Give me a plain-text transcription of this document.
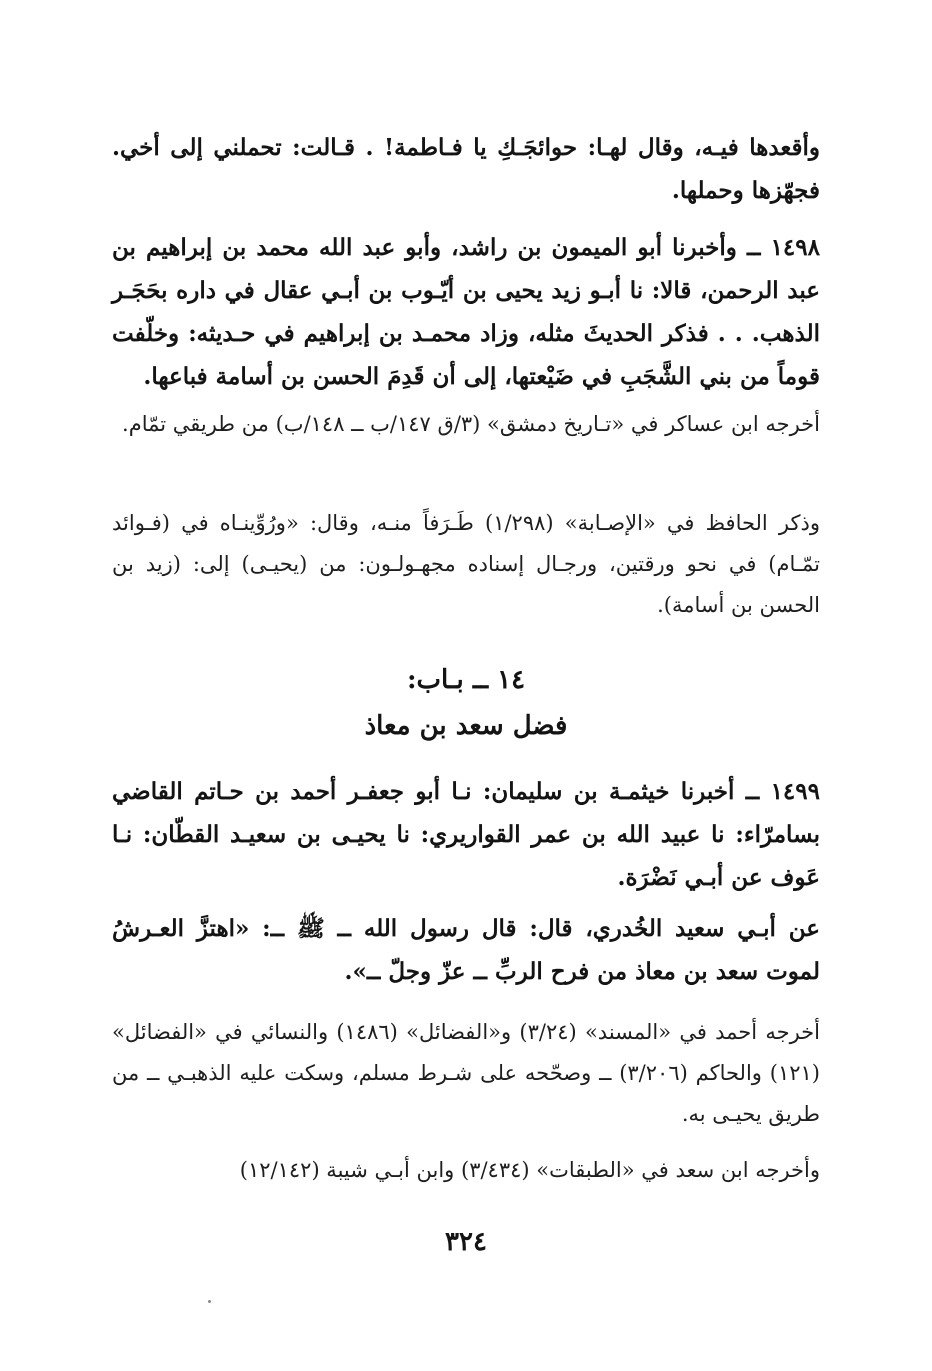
وأقعدها فيـه، وقال لهـا: حوائجَـكِ يا فـاطمة! . قـالت: تحملني إلى أخي. فجهّزها وحملها.

١٤٩٨ ــ وأخبرنا أبو الميمون بن راشد، وأبو عبد الله محمد بن إبراهيم بن عبد الرحمن، قالا: نا أبـو زيد يحيى بن أيّـوب بن أبـي عقال في داره بحَجَـر الذهب. . . فذكر الحديثَ مثله، وزاد محمـد بن إبراهيم في حـديثه: وخلّفت قوماً من بني الشَّجَبِ في ضَيْعتها، إلى أن قَدِمَ الحسن بن أسامة فباعها.

أخرجه ابن عساكر في «تـاريخ دمشق» (٣/ق ١٤٧/ب ــ ١٤٨/ب) من طريقي تمّام.

وذكر الحافظ في «الإصـابة» (١/٢٩٨) طَـرَفاً منـه، وقال: «ورُوِّينـاه في (فـوائد تمّـام) في نحو ورقتين، ورجـال إسناده مجهـولـون: من (يحيـى) إلى: (زيد بن الحسن بن أسامة).

١٤ ــ بـاب:

فضل سعد بن معاذ

١٤٩٩ ــ أخبرنا خيثمـة بن سليمان: نـا أبو جعفـر أحمد بن حـاتم القاضي بسامرّاء: نا عبيد الله بن عمر القواريري: نا يحيـى بن سعيـد القطّان: نـا عَوف عن أبـي نَضْرَة.

عن أبـي سعيد الخُدري، قال: قال رسول الله ــ ﷺ ــ: «اهتزَّ العـرشُ لموت سعد بن معاذ من فرح الربِّ ــ عزّ وجلّ ــ».

أخرجه أحمد في «المسند» (٣/٢٤) و«الفضائل» (١٤٨٦) والنسائي في «الفضائل» (١٢١) والحاكم (٣/٢٠٦) ــ وصحّحه على شـرط مسلم، وسكت عليه الذهبـي ــ من طريق يحيـى به.

وأخرجه ابن سعد في «الطبقات» (٣/٤٣٤) وابن أبـي شيبة (١٢/١٤٢)

٣٢٤
